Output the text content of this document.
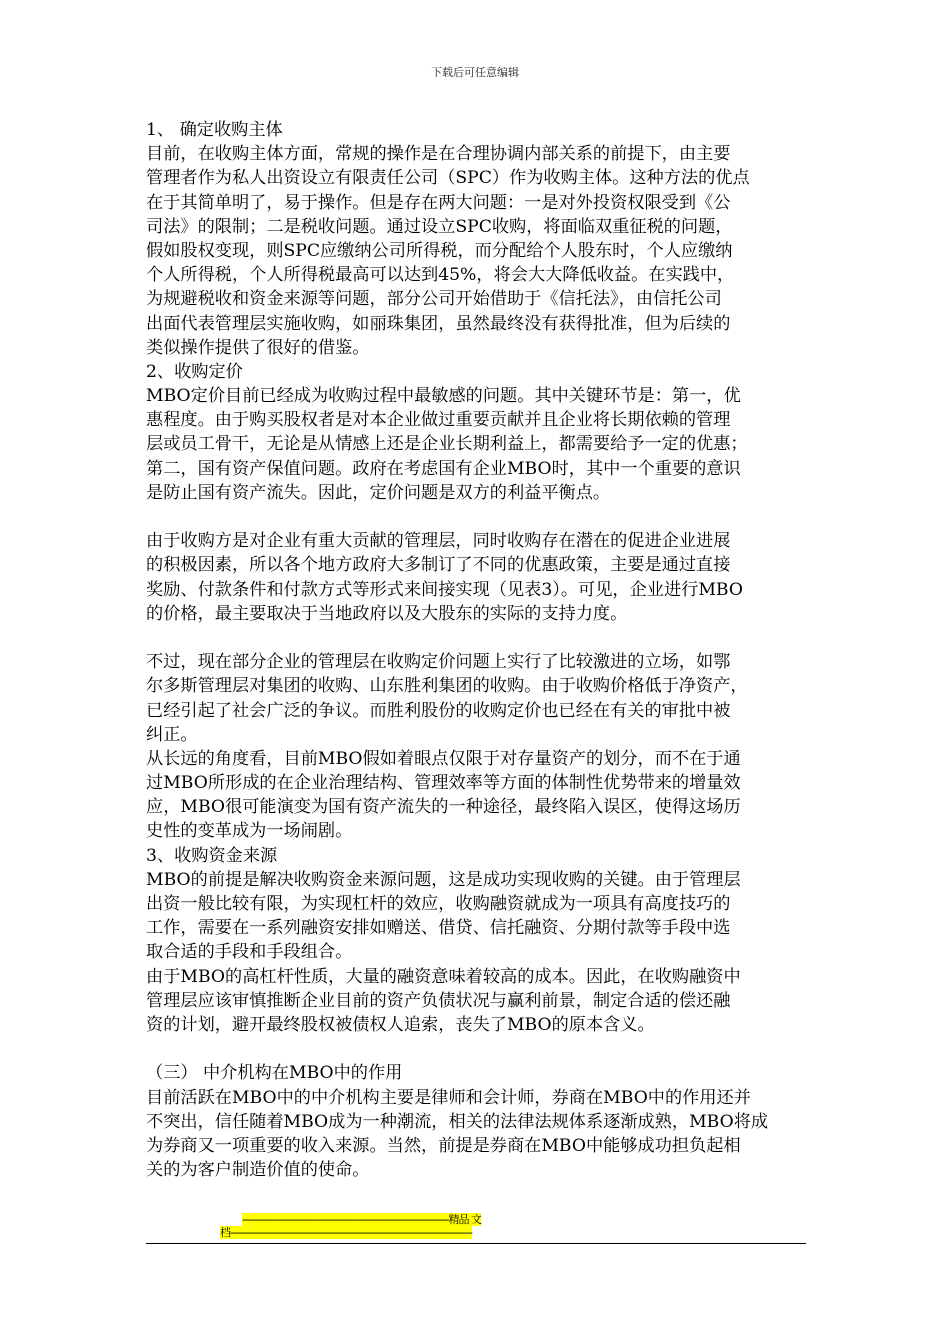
下载后可任意编辑
1、 确定收购主体
目前，在收购主体方面，常规的操作是在合理协调内部关系的前提下，由主要
管理者作为私人出资设立有限责任公司（SPC）作为收购主体。这种方法的优点
在于其简单明了，易于操作。但是存在两大问题：一是对外投资权限受到《公
司法》的限制；二是税收问题。通过设立SPC收购，将面临双重征税的问题，
假如股权变现，则SPC应缴纳公司所得税，而分配给个人股东时，个人应缴纳
个人所得税，个人所得税最高可以达到45%，将会大大降低收益。在实践中，
为规避税收和资金来源等问题，部分公司开始借助于《信托法》，由信托公司
出面代表管理层实施收购，如丽珠集团，虽然最终没有获得批准，但为后续的
类似操作提供了很好的借鉴。
2、收购定价
MBO定价目前已经成为收购过程中最敏感的问题。其中关键环节是：第一，优
惠程度。由于购买股权者是对本企业做过重要贡献并且企业将长期依赖的管理
层或员工骨干，无论是从情感上还是企业长期利益上，都需要给予一定的优惠；
第二，国有资产保值问题。政府在考虑国有企业MBO时，其中一个重要的意识
是防止国有资产流失。因此，定价问题是双方的利益平衡点。
由于收购方是对企业有重大贡献的管理层，同时收购存在潜在的促进企业进展
的积极因素，所以各个地方政府大多制订了不同的优惠政策，主要是通过直接
奖励、付款条件和付款方式等形式来间接实现（见表3）。可见，企业进行MBO
的价格，最主要取决于当地政府以及大股东的实际的支持力度。
不过，现在部分企业的管理层在收购定价问题上实行了比较激进的立场，如鄂
尔多斯管理层对集团的收购、山东胜利集团的收购。由于收购价格低于净资产，
已经引起了社会广泛的争议。而胜利股份的收购定价也已经在有关的审批中被
纠正。
从长远的角度看，目前MBO假如着眼点仅限于对存量资产的划分，而不在于通
过MBO所形成的在企业治理结构、管理效率等方面的体制性优势带来的增量效
应，MBO很可能演变为国有资产流失的一种途径，最终陷入误区，使得这场历
史性的变革成为一场闹剧。
3、收购资金来源
MBO的前提是解决收购资金来源问题，这是成功实现收购的关键。由于管理层
出资一般比较有限，为实现杠杆的效应，收购融资就成为一项具有高度技巧的
工作，需要在一系列融资安排如赠送、借贷、信托融资、分期付款等手段中选
取合适的手段和手段组合。
由于MBO的高杠杆性质，大量的融资意味着较高的成本。因此，在收购融资中
管理层应该审慎推断企业目前的资产负债状况与赢利前景，制定合适的偿还融
资的计划，避开最终股权被债权人追索，丧失了MBO的原本含义。
（三） 中介机构在MBO中的作用
目前活跃在MBO中的中介机构主要是律师和会计师，券商在MBO中的作用还并
不突出，信任随着MBO成为一种潮流，相关的法律法规体系逐渐成熟，MBO将成
为券商又一项重要的收入来源。当然，前提是券商在MBO中能够成功担负起相
关的为客户制造价值的使命。
----------------------------------------------------------------------------精品 文
档-----------------------------------------------------------------------------------------
